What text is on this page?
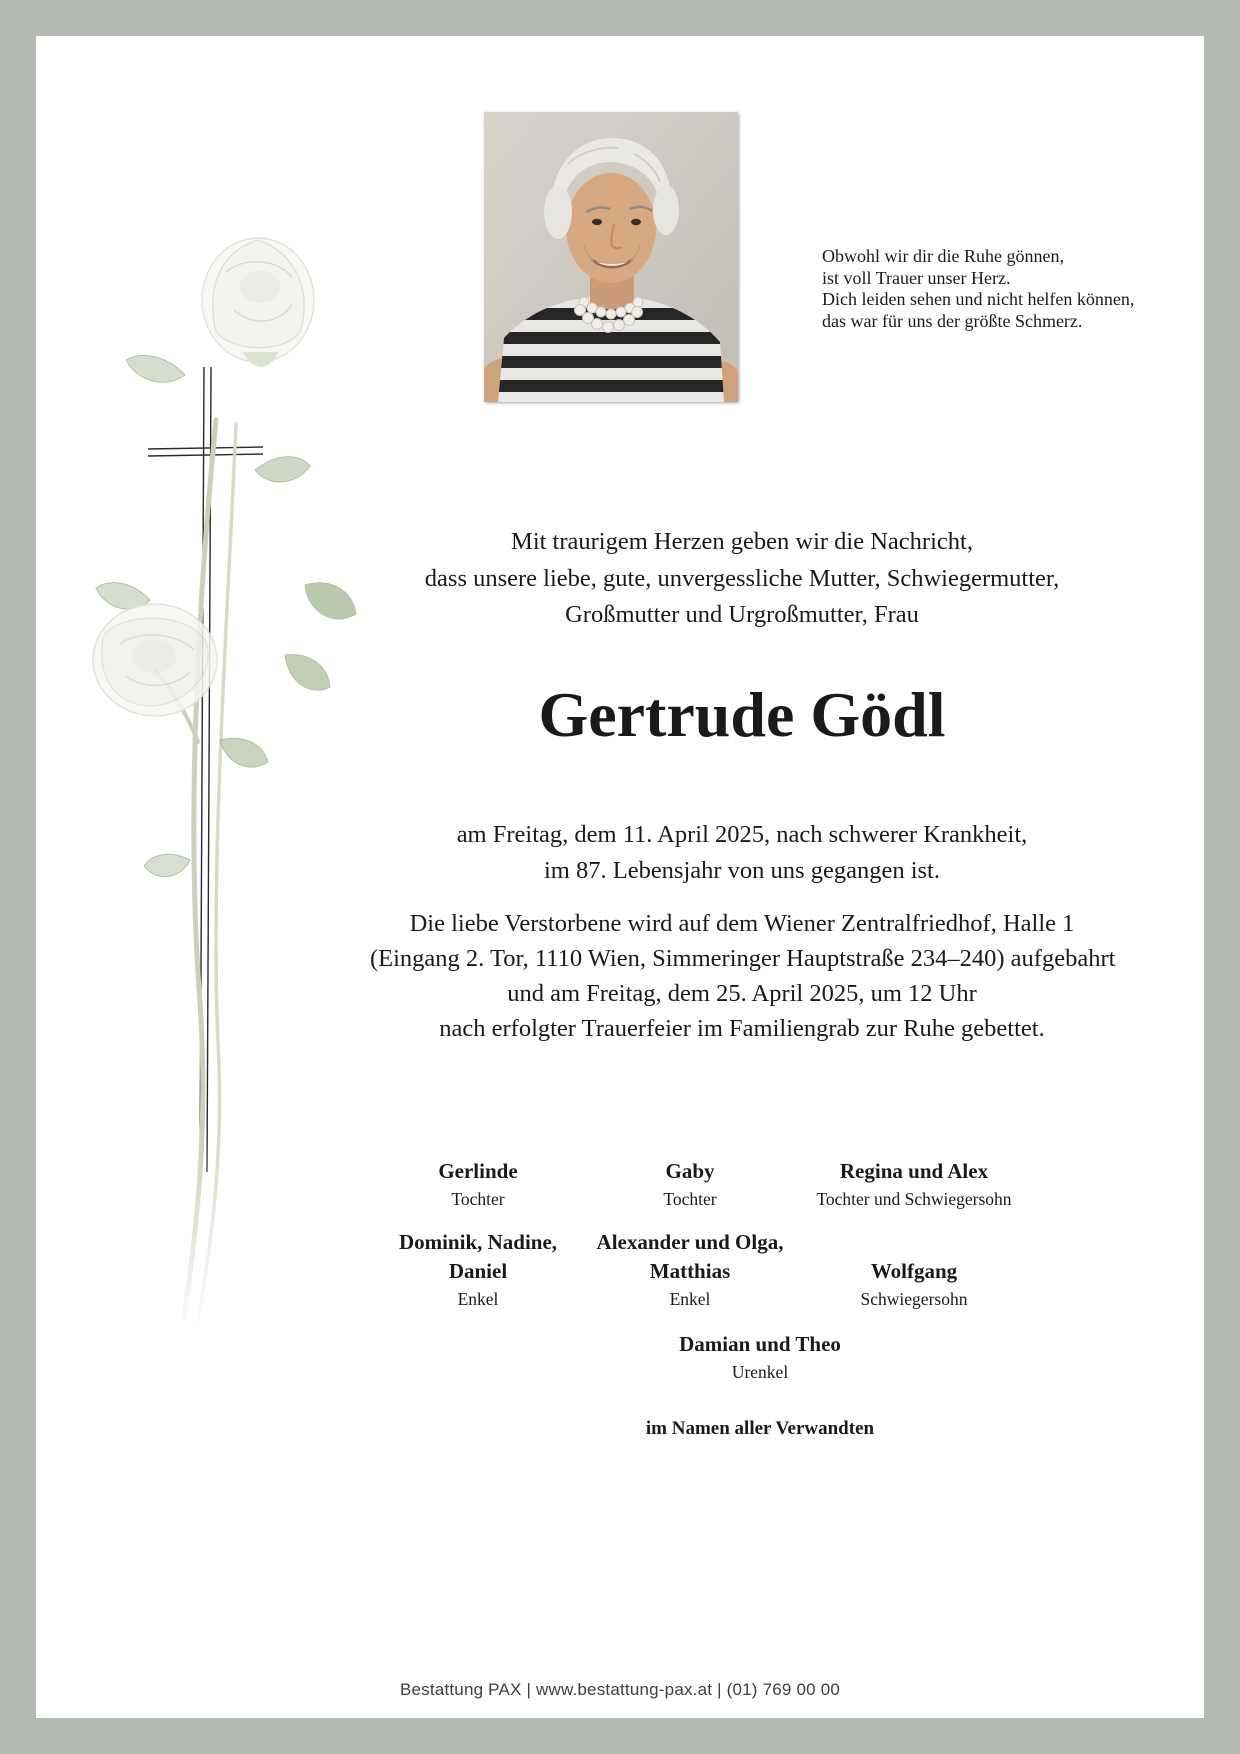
Obwohl wir dir die Ruhe gönnen,
ist voll Trauer unser Herz.
Dich leiden sehen und nicht helfen können,
das war für uns der größte Schmerz.
Mit traurigem Herzen geben wir die Nachricht,
dass unsere liebe, gute, unvergessliche Mutter, Schwiegermutter,
Großmutter und Urgroßmutter, Frau
Gertrude Gödl
am Freitag, dem 11. April 2025, nach schwerer Krankheit,
im 87. Lebensjahr von uns gegangen ist.
Die liebe Verstorbene wird auf dem Wiener Zentralfriedhof, Halle 1
(Eingang 2. Tor, 1110 Wien, Simmeringer Hauptstraße 234–240) aufgebahrt
und am Freitag, dem 25. April 2025, um 12 Uhr
nach erfolgter Trauerfeier im Familiengrab zur Ruhe gebettet.
Gerlinde
Tochter
Gaby
Tochter
Regina und Alex
Tochter und Schwiegersohn
Dominik, Nadine, Daniel
Enkel
Alexander und Olga, Matthias
Enkel
Wolfgang
Schwiegersohn
Damian und Theo
Urenkel
im Namen aller Verwandten
Bestattung PAX | www.bestattung-pax.at | (01) 769 00 00
